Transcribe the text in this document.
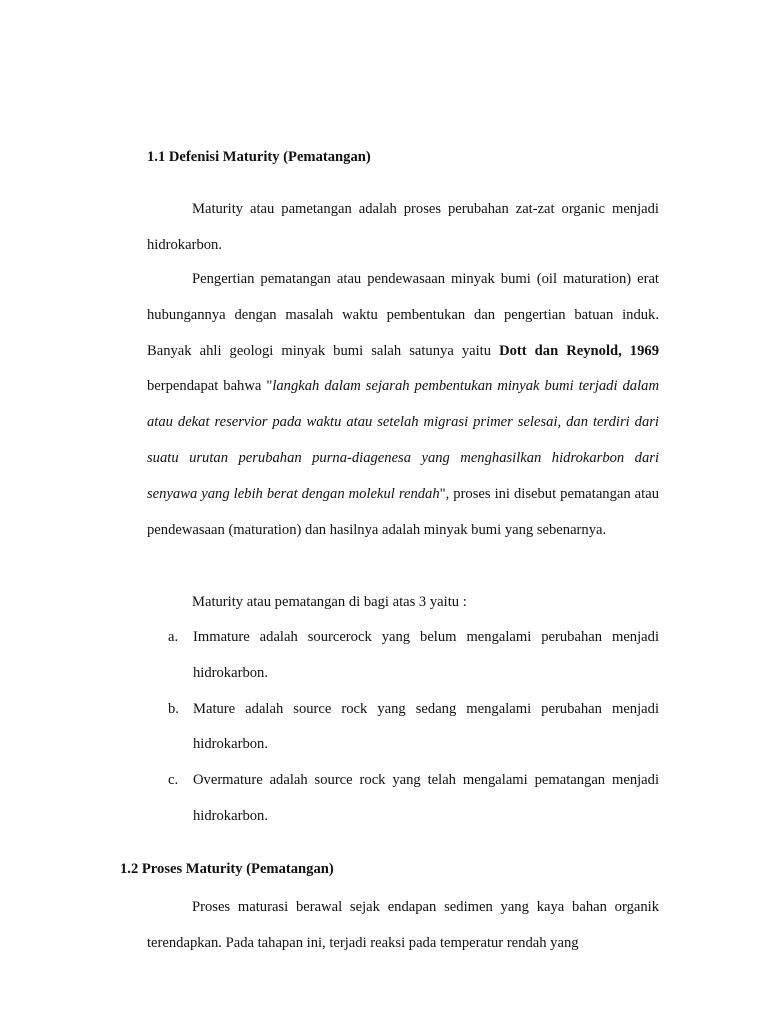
1.1 Defenisi Maturity (Pematangan)

Maturity atau pametangan adalah proses perubahan zat-zat organic menjadi hidrokarbon.

Pengertian pematangan atau pendewasaan minyak bumi (oil maturation) erat hubungannya dengan masalah waktu pembentukan dan pengertian batuan induk. Banyak ahli geologi minyak bumi salah satunya yaitu Dott dan Reynold, 1969 berpendapat bahwa "langkah dalam sejarah pembentukan minyak bumi terjadi dalam atau dekat reservior pada waktu atau setelah migrasi primer selesai, dan terdiri dari suatu urutan perubahan purna-diagenesa yang menghasilkan hidrokarbon dari senyawa yang lebih berat dengan molekul rendah", proses ini disebut pematangan atau pendewasaan (maturation) dan hasilnya adalah minyak bumi yang sebenarnya.

Maturity atau pematangan di bagi atas 3 yaitu :

a. Immature adalah sourcerock yang belum mengalami perubahan menjadi hidrokarbon.
b. Mature adalah source rock yang sedang mengalami perubahan menjadi hidrokarbon.
c. Overmature adalah source rock yang telah mengalami pematangan menjadi hidrokarbon.
1.2 Proses Maturity (Pematangan)

Proses maturasi berawal sejak endapan sedimen yang kaya bahan organik terendapkan. Pada tahapan ini, terjadi reaksi pada temperatur rendah yang
